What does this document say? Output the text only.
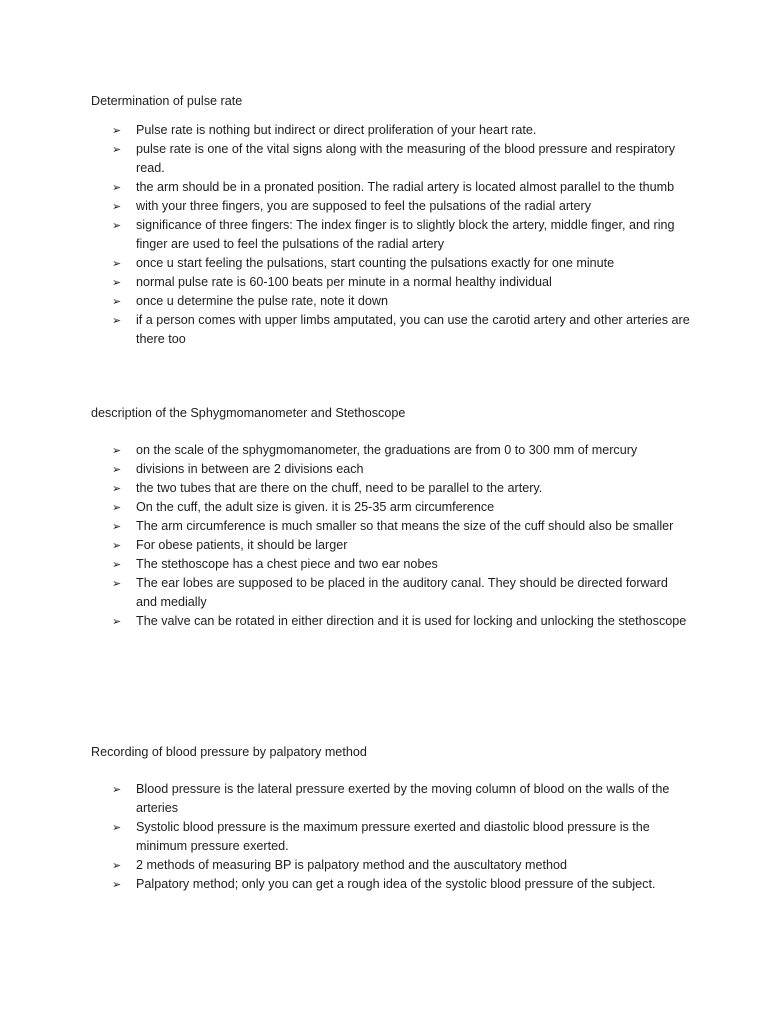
Determination of pulse rate

➢ Pulse rate is nothing but indirect or direct proliferation of your heart rate.
➢ pulse rate is one of the vital signs along with the measuring of the blood pressure and respiratory read.
➢ the arm should be in a pronated position. The radial artery is located almost parallel to the thumb
➢ with your three fingers, you are supposed to feel the pulsations of the radial artery
➢ significance of three fingers: The index finger is to slightly block the artery, middle finger, and ring finger are used to feel the pulsations of the radial artery
➢ once u start feeling the pulsations, start counting the pulsations exactly for one minute
➢ normal pulse rate is 60-100 beats per minute in a normal healthy individual
➢ once u determine the pulse rate, note it down
➢ if a person comes with upper limbs amputated, you can use the carotid artery and other arteries are there too

description of the Sphygmomanometer and Stethoscope

➢ on the scale of the sphygmomanometer, the graduations are from 0 to 300 mm of mercury
➢ divisions in between are 2 divisions each
➢ the two tubes that are there on the chuff, need to be parallel to the artery.
➢ On the cuff, the adult size is given. it is 25-35 arm circumference
➢ The arm circumference is much smaller so that means the size of the cuff should also be smaller
➢ For obese patients, it should be larger
➢ The stethoscope has a chest piece and two ear nobes
➢ The ear lobes are supposed to be placed in the auditory canal. They should be directed forward and medially
➢ The valve can be rotated in either direction and it is used for locking and unlocking the stethoscope

Recording of blood pressure by palpatory method

➢ Blood pressure is the lateral pressure exerted by the moving column of blood on the walls of the arteries
➢ Systolic blood pressure is the maximum pressure exerted and diastolic blood pressure is the minimum pressure exerted.
➢ 2 methods of measuring BP is palpatory method and the auscultatory method
➢ Palpatory method; only you can get a rough idea of the systolic blood pressure of the subject.
